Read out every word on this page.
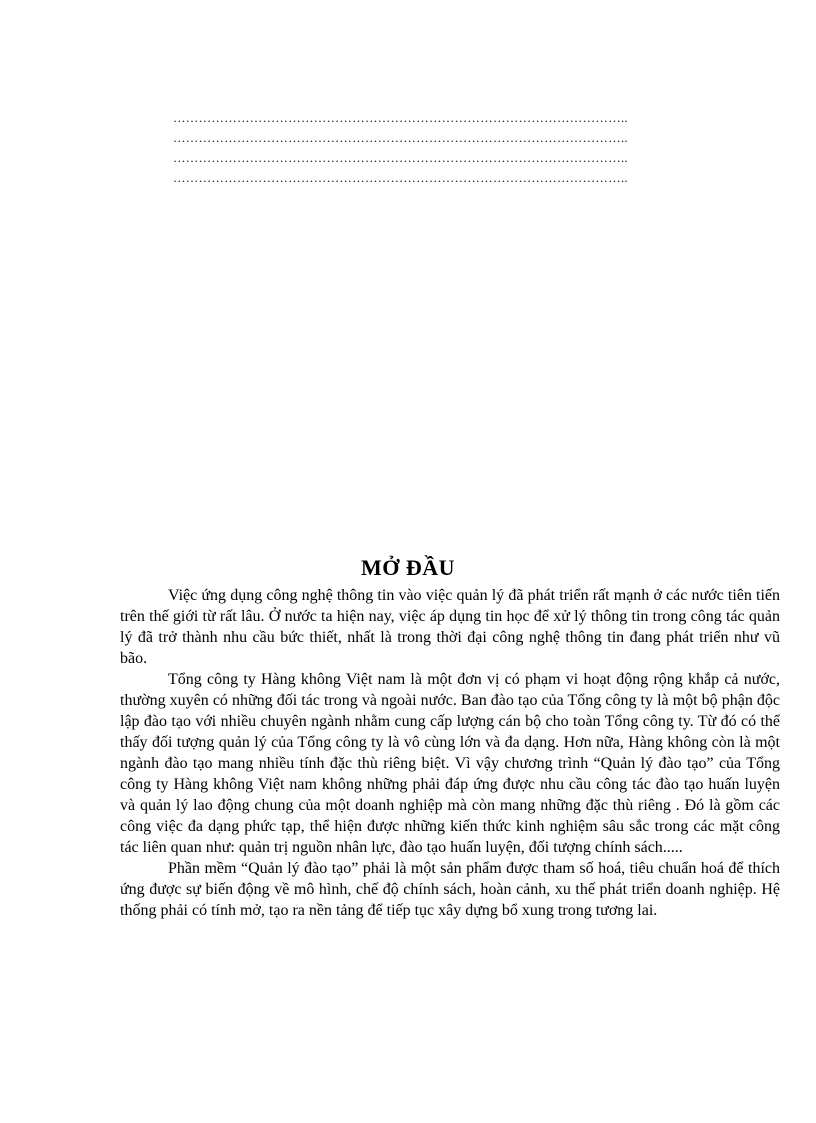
……………………………………………………………………………………………..
……………………………………………………………………………………………..
……………………………………………………………………………………………..
……………………………………………………………………………………………..
MỞ ĐẦU

Việc ứng dụng công nghệ thông tin vào việc quản lý đã phát triển rất mạnh ở các nước tiên tiến trên thế giới từ rất lâu. Ở nước ta hiện nay, việc áp dụng tin học để xử lý thông tin trong công tác quản lý đã trở thành nhu cầu bức thiết, nhất là trong thời đại công nghệ thông tin đang phát triển như vũ bão.

Tổng công ty Hàng không Việt nam là một đơn vị có phạm vi hoạt động rộng khắp cả nước, thường xuyên có những đối tác trong và ngoài nước. Ban đào tạo của Tổng công ty là một bộ phận độc lập đào tạo với nhiều chuyên ngành nhằm cung cấp lượng cán bộ cho toàn Tổng công ty. Từ đó có thể thấy đối tượng quản lý của Tổng công ty là vô cùng lớn và đa dạng. Hơn nữa, Hàng không còn là một ngành đào tạo mang nhiều tính đặc thù riêng biệt. Vì vậy chương trình “Quản lý đào tạo” của Tổng công ty Hàng không Việt nam không những phải đáp ứng được nhu cầu công tác đào tạo huấn luyện và quản lý lao động chung của một doanh nghiệp mà còn mang những đặc thù riêng . Đó là gồm các công việc đa dạng phức tạp, thể hiện được những kiến thức kinh nghiệm sâu sắc trong các mặt công tác liên quan như: quản trị nguồn nhân lực, đào tạo huấn luyện, đối tượng chính sách.....

Phần mềm “Quản lý đào tạo” phải là một sản phẩm được tham số hoá, tiêu chuẩn hoá để thích ứng được sự biến động về mô hình, chế độ chính sách, hoàn cảnh, xu thế phát triển doanh nghiệp. Hệ thống phải có tính mở, tạo ra nền tảng để tiếp tục xây dựng bổ xung trong tương lai.
